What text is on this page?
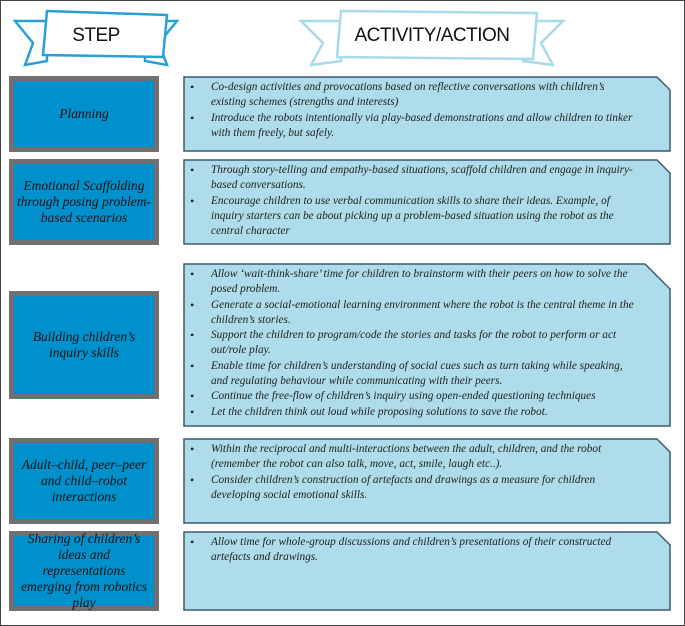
STEP	ACTIVITY/ACTION
Planning
• Co-design activities and provocations based on reflective conversations with children’s existing schemes (strengths and interests)
• Introduce the robots intentionally via play-based demonstrations and allow children to tinker with them freely, but safely.
Emotional Scaffolding through posing problem-based scenarios
• Through story-telling and empathy-based situations, scaffold children and engage in inquiry-based conversations.
• Encourage children to use verbal communication skills to share their ideas. Example, of inquiry starters can be about picking up a problem-based situation using the robot as the central character
Building children’s inquiry skills
• Allow ‘wait-think-share’ time for children to brainstorm with their peers on how to solve the posed problem.
• Generate a social-emotional learning environment where the robot is the central theme in the children’s stories.
• Support the children to program/code the stories and tasks for the robot to perform or act out/role play.
• Enable time for children’s understanding of social cues such as turn taking while speaking, and regulating behaviour while communicating with their peers.
• Continue the free-flow of children’s inquiry using open-ended questioning techniques
• Let the children think out loud while proposing solutions to save the robot.
Adult–child, peer–peer and child–robot interactions
• Within the reciprocal and multi-interactions between the adult, children, and the robot (remember the robot can also talk, move, act, smile, laugh etc..).
• Consider children’s construction of artefacts and drawings as a measure for children developing social emotional skills.
Sharing of children’s ideas and representations emerging from robotics play
• Allow time for whole-group discussions and children’s presentations of their constructed artefacts and drawings.
